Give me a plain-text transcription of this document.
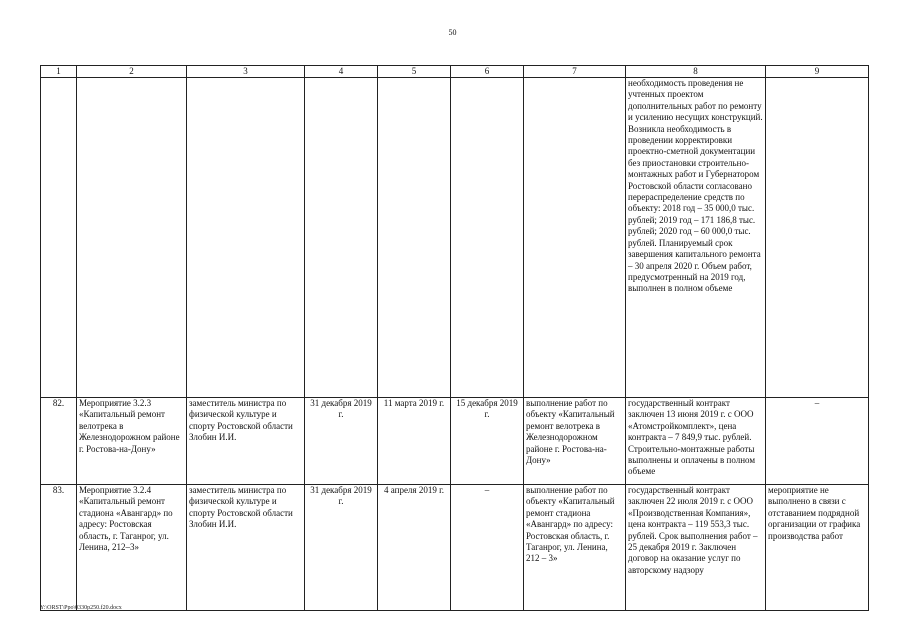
50
1	2	3	4	5	6	7	8	9
							необходимость проведения не учтенных проектом дополнительных работ по ремонту и усилению несущих конструкций. Возникла необходимость в проведении корректировки проектно-сметной документации без приостановки строительно-монтажных работ и Губернатором Ростовской области согласовано перераспределение средств по объекту: 2018 год – 35 000,0 тыс. рублей; 2019 год – 171 186,8 тыс. рублей; 2020 год – 60 000,0 тыс. рублей. Планируемый срок завершения капитального ремонта – 30 апреля 2020 г. Объем работ, предусмотренный на 2019 год, выполнен в полном объеме	
82.	Мероприятие 3.2.3 «Капитальный ремонт велотрека в Железнодорожном районе г. Ростова-на-Дону»	заместитель министра по физической культуре и спорту Ростовской области Злобин И.И.	31 декабря 2019 г.	11 марта 2019 г.	15 декабря 2019 г.	выполнение работ по объекту «Капитальный ремонт велотрека в Железнодорожном районе г. Ростова-на-Дону»	государственный контракт заключен 13 июня 2019 г. с ООО «Атомстройкомплект», цена контракта – 7 849,9 тыс. рублей. Строительно-монтажные работы выполнены и оплачены в полном объеме	–
83.	Мероприятие 3.2.4 «Капитальный ремонт стадиона «Авангард» по адресу: Ростовская область, г. Таганрог, ул. Ленина, 212–3»	заместитель министра по физической культуре и спорту Ростовской области Злобин И.И.	31 декабря 2019 г.	4 апреля 2019 г.	–	выполнение работ по объекту «Капитальный ремонт стадиона «Авангард» по адресу: Ростовская область, г. Таганрог, ул. Ленина, 212 – 3»	государственный контракт заключен 22 июля 2019 г. с ООО «Производственная Компания», цена контракта – 119 553,3 тыс. рублей. Срок выполнения работ – 25 декабря 2019 г. Заключен договор на оказание услуг по авторскому надзору	мероприятие не выполнено в связи с отставанием подрядной организации от графика производства работ
Y:\ORST\Ppo\0330p250.f20.docx
